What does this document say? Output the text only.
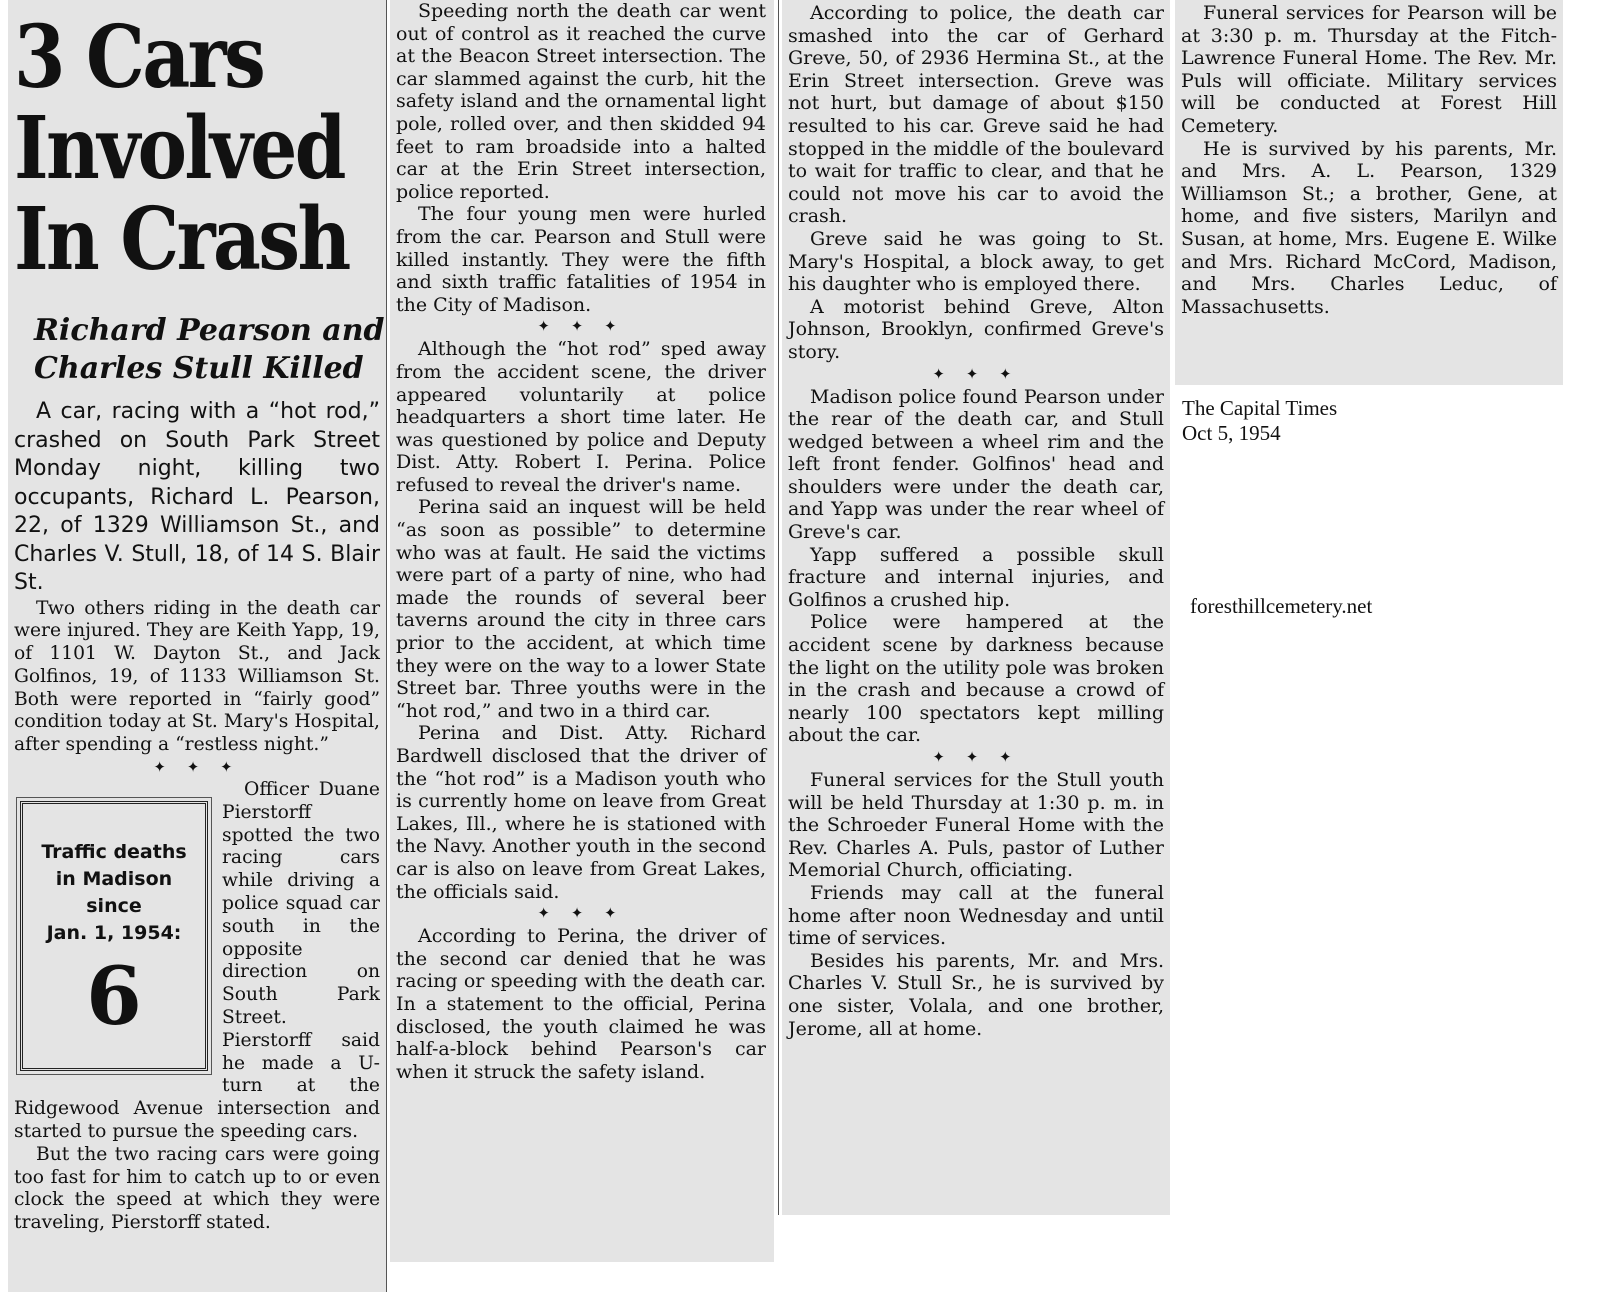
3 Cars
Involved
In Crash
Richard Pearson and
Charles Stull Killed

A car, racing with a “hot rod,” crashed on South Park Street Monday night, killing two occupants, Richard L. Pearson, 22, of 1329 Williamson St., and Charles V. Stull, 18, of 14 S. Blair St.

Two others riding in the death car were injured. They are Keith Yapp, 19, of 1101 W. Dayton St., and Jack Golfinos, 19, of 1133 Williamson St. Both were reported in “fairly good” condition today at St. Mary's Hospital, after spending a “restless night.”

✦ ✦ ✦
Traffic deaths
in Madison
since
Jan. 1, 1954:
6

Officer Duane Pierstorff spotted the two racing cars while driving a police squad car south in the opposite direction on South Park Street. Pierstorff said he made a U-turn at the Ridgewood Avenue intersection and started to pursue the speeding cars.

But the two racing cars were going too fast for him to catch up to or even clock the speed at which they were traveling, Pierstorff stated.

Speeding north the death car went out of control as it reached the curve at the Beacon Street intersection. The car slammed against the curb, hit the safety island and the ornamental light pole, rolled over, and then skidded 94 feet to ram broadside into a halted car at the Erin Street intersection, police reported.

The four young men were hurled from the car. Pearson and Stull were killed instantly. They were the fifth and sixth traffic fatalities of 1954 in the City of Madison.

✦ ✦ ✦

Although the “hot rod” sped away from the accident scene, the driver appeared voluntarily at police headquarters a short time later. He was questioned by police and Deputy Dist. Atty. Robert I. Perina. Police refused to reveal the driver's name.

Perina said an inquest will be held “as soon as possible” to determine who was at fault. He said the victims were part of a party of nine, who had made the rounds of several beer taverns around the city in three cars prior to the accident, at which time they were on the way to a lower State Street bar. Three youths were in the “hot rod,” and two in a third car.

Perina and Dist. Atty. Richard Bardwell disclosed that the driver of the “hot rod” is a Madison youth who is currently home on leave from Great Lakes, Ill., where he is stationed with the Navy. Another youth in the second car is also on leave from Great Lakes, the officials said.

✦ ✦ ✦

According to Perina, the driver of the second car denied that he was racing or speeding with the death car. In a statement to the official, Perina disclosed, the youth claimed he was half-a-block behind Pearson's car when it struck the safety island.

According to police, the death car smashed into the car of Gerhard Greve, 50, of 2936 Hermina St., at the Erin Street intersection. Greve was not hurt, but damage of about $150 resulted to his car. Greve said he had stopped in the middle of the boulevard to wait for traffic to clear, and that he could not move his car to avoid the crash.

Greve said he was going to St. Mary's Hospital, a block away, to get his daughter who is employed there.

A motorist behind Greve, Alton Johnson, Brooklyn, confirmed Greve's story.

✦ ✦ ✦

Madison police found Pearson under the rear of the death car, and Stull wedged between a wheel rim and the left front fender. Golfinos' head and shoulders were under the death car, and Yapp was under the rear wheel of Greve's car.

Yapp suffered a possible skull fracture and internal injuries, and Golfinos a crushed hip.

Police were hampered at the accident scene by darkness because the light on the utility pole was broken in the crash and because a crowd of nearly 100 spectators kept milling about the car.

✦ ✦ ✦

Funeral services for the Stull youth will be held Thursday at 1:30 p. m. in the Schroeder Funeral Home with the Rev. Charles A. Puls, pastor of Luther Memorial Church, officiating.

Friends may call at the funeral home after noon Wednesday and until time of services.

Besides his parents, Mr. and Mrs. Charles V. Stull Sr., he is survived by one sister, Volala, and one brother, Jerome, all at home.

Funeral services for Pearson will be at 3:30 p. m. Thursday at the Fitch-Lawrence Funeral Home. The Rev. Mr. Puls will officiate. Military services will be conducted at Forest Hill Cemetery.

He is survived by his parents, Mr. and Mrs. A. L. Pearson, 1329 Williamson St.; a brother, Gene, at home, and five sisters, Marilyn and Susan, at home, Mrs. Eugene E. Wilke and Mrs. Richard McCord, Madison, and Mrs. Charles Leduc, of Massachusetts.

The Capital Times
Oct 5, 1954
foresthillcemetery.net
